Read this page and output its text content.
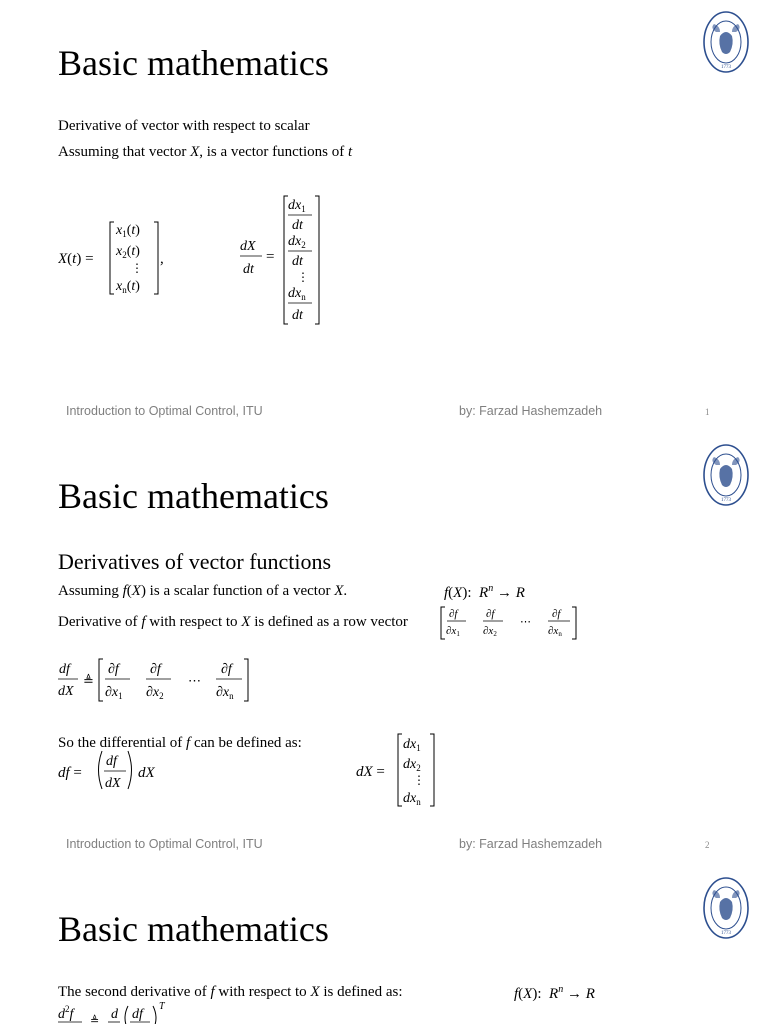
Basic mathematics	1773
Derivative of vector with respect to scalar
Assuming that vector X, is a vector functions of t
X(t) =
$x_1(t)$
$x_2(t)$
⋮
$x_n(t)$
,
dX
dt
=
$dx_1$
dt
$dx_2$
dt
⋮
$dx_n$
dt
Introduction to Optimal Control, ITU	by: Farzad Hashemzadeh	1
Basic mathematics	1773
Derivatives of vector functions
Assuming f(X) is a scalar function of a vector X.	f(X):  $R^n \to R$
Derivative of f with respect to X is defined as a row vector	∂f
∂x1
∂f
∂x2
⋯
∂f
∂xn
df
dX
≜
∂f
$\partial x_1$
∂f
$\partial x_2$
⋯
∂f
$\partial x_n$
So the differential of f can be defined as:
df =
df
dX
dX	dX =
$dx_1$
$dx_2$
⋮
$dx_n$
Introduction to Optimal Control, ITU	by: Farzad Hashemzadeh	2
Basic mathematics	1773
The second derivative of f with respect to X is defined as:	f(X):  $R^n \to R$
$d^2f$ ≜ d df
T
